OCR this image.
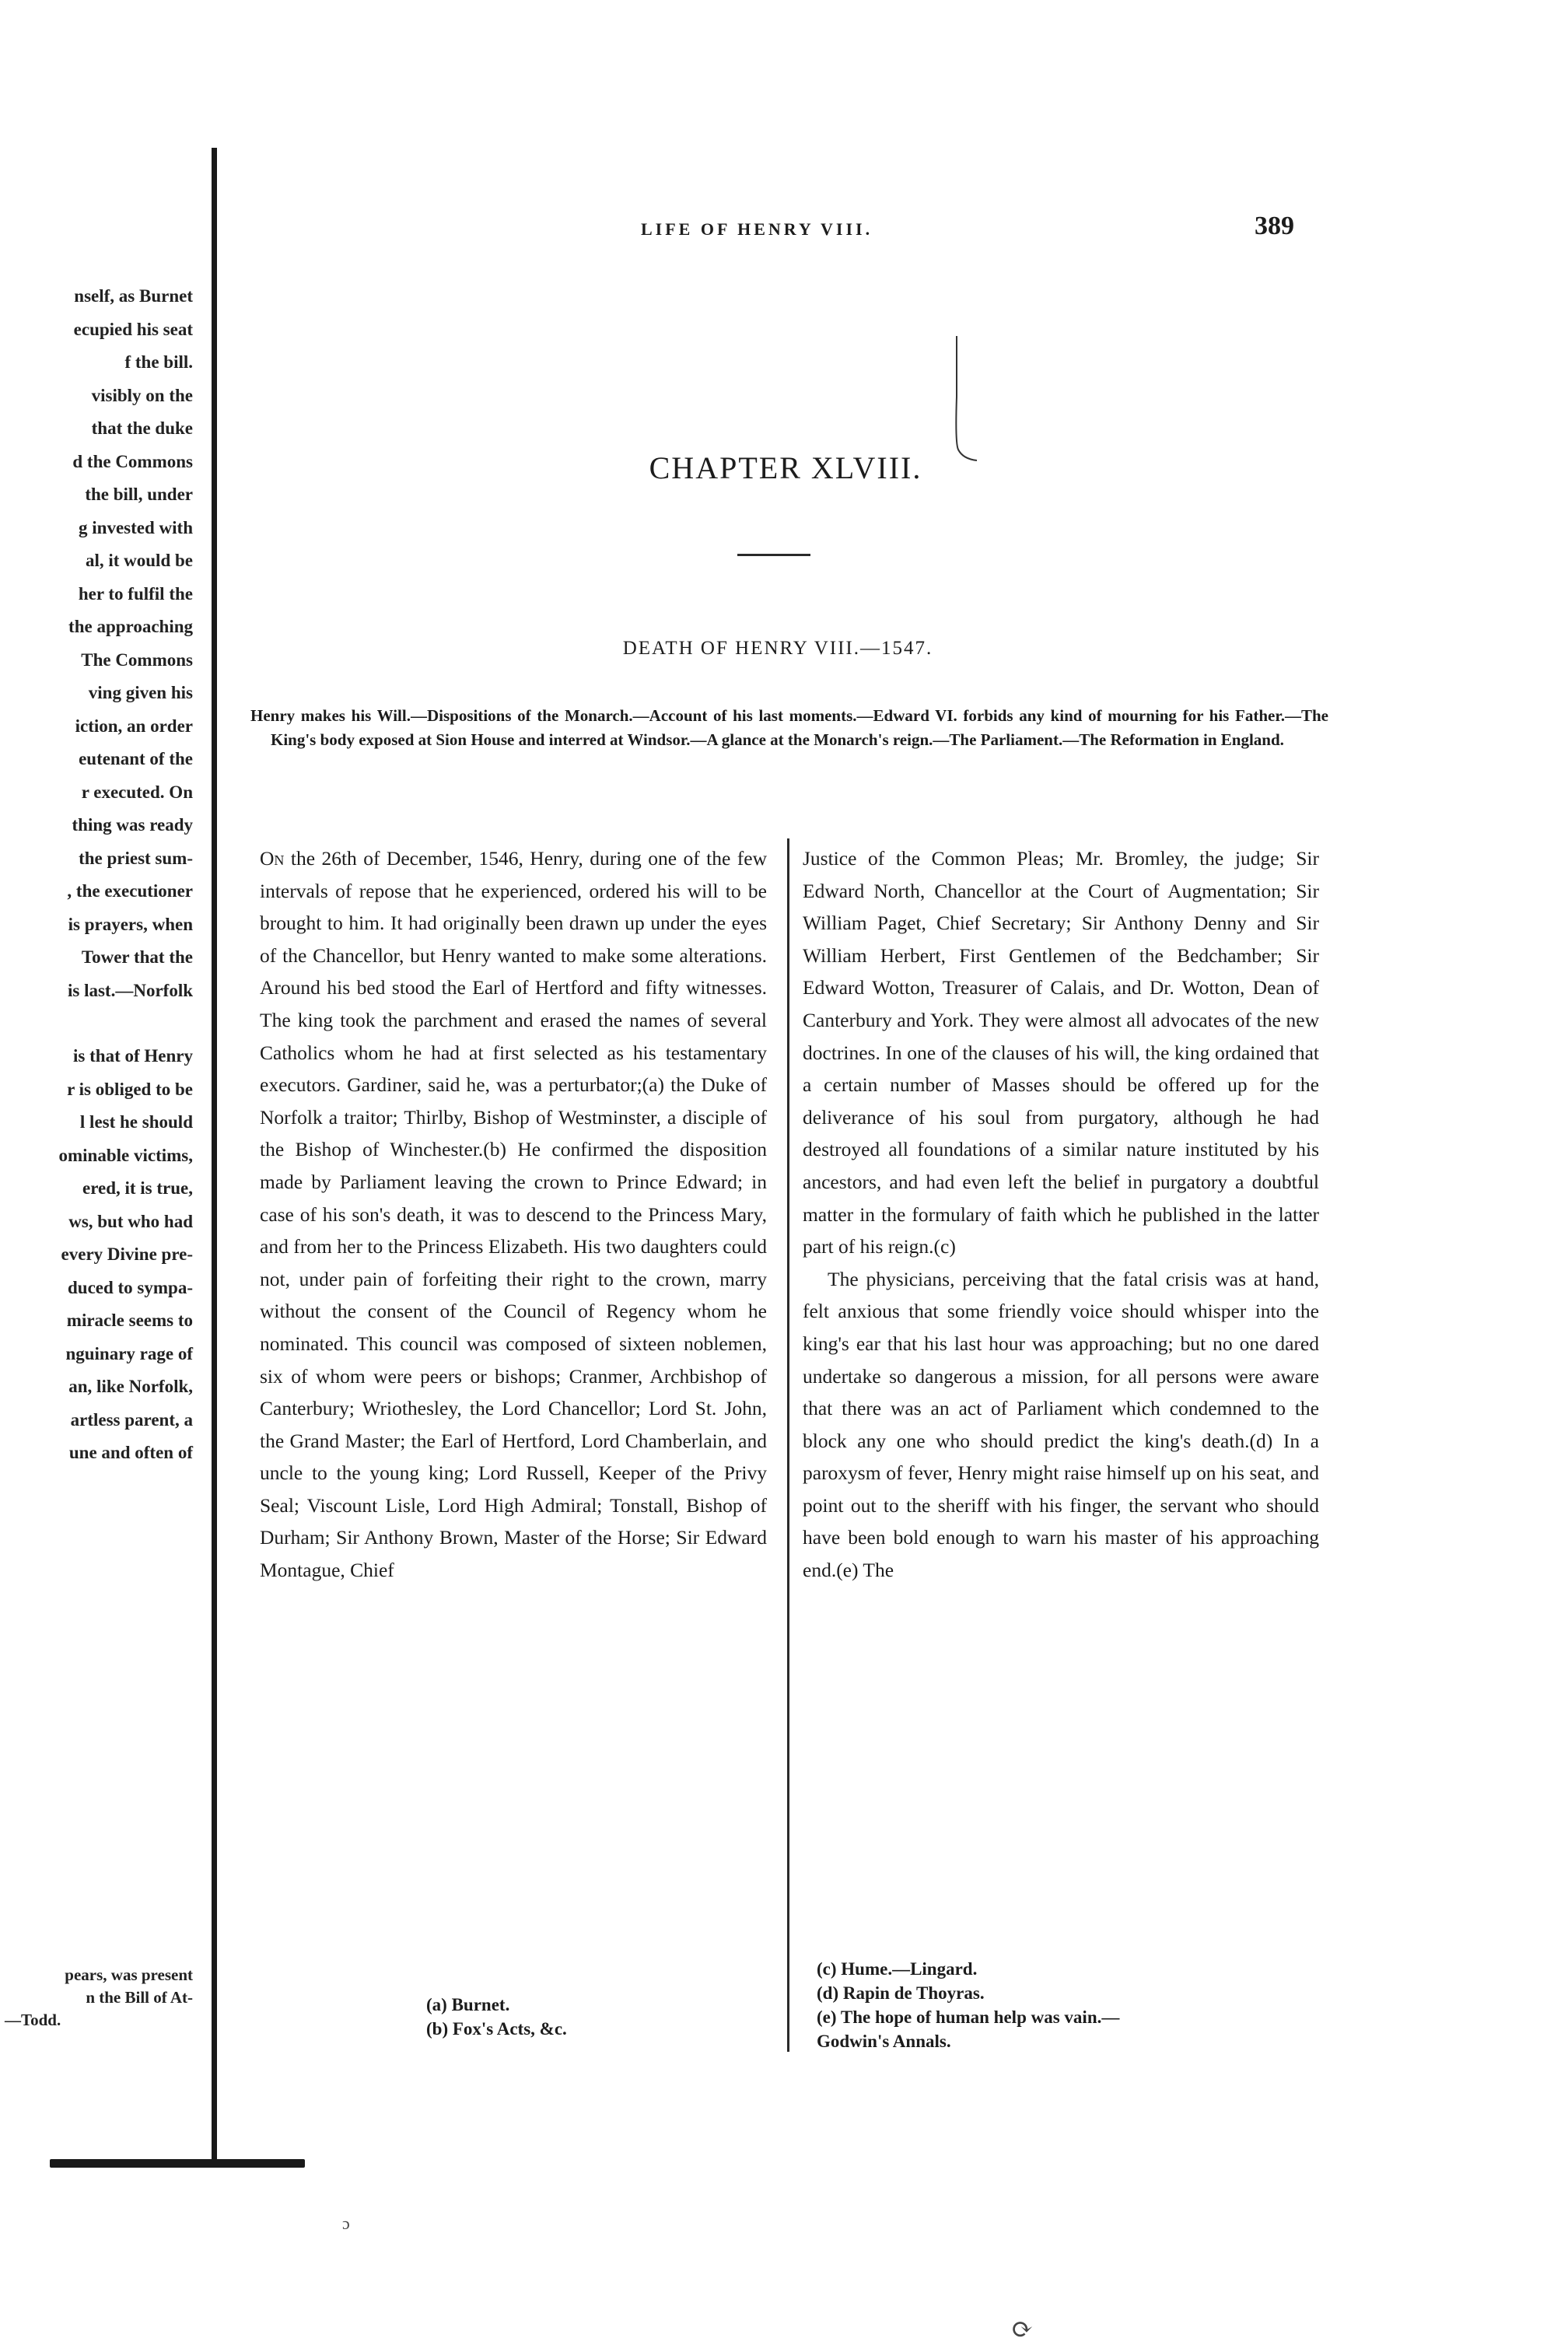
nself, as Burnet
ecupied his seat
f the bill.
visibly on the
that the duke
d the Commons
the bill, under
g invested with
al, it would be
her to fulfil the
the approaching
The Commons
ving given his
iction, an order
eutenant of the
r executed. On
thing was ready
the priest sum-
, the executioner
is prayers, when
Tower that the
is last.—Norfolk
is that of Henry
r is obliged to be
l lest he should
ominable victims,
ered, it is true,
ws, but who had
every Divine pre-
duced to sympa-
miracle seems to
nguinary rage of
an, like Norfolk,
artless parent, a
une and often of
pears, was present
n the Bill of At-
—Todd.
LIFE OF HENRY VIII.	389
CHAPTER XLVIII.
DEATH OF HENRY VIII.—1547.
Henry makes his Will.—Dispositions of the Monarch.—Account of his last moments.—Edward VI. forbids any kind of mourning for his Father.—The King's body exposed at Sion House and interred at Windsor.—A glance at the Monarch's reign.—The Parliament.—The Reformation in England.

On the 26th of December, 1546, Henry, during one of the few intervals of repose that he experienced, ordered his will to be brought to him. It had originally been drawn up under the eyes of the Chancellor, but Henry wanted to make some alterations. Around his bed stood the Earl of Hertford and fifty witnesses. The king took the parchment and erased the names of several Catholics whom he had at first selected as his testamentary executors. Gardiner, said he, was a perturbator;(a) the Duke of Norfolk a traitor; Thirlby, Bishop of Westminster, a disciple of the Bishop of Winchester.(b) He confirmed the disposition made by Parliament leaving the crown to Prince Edward; in case of his son's death, it was to descend to the Princess Mary, and from her to the Princess Elizabeth. His two daughters could not, under pain of forfeiting their right to the crown, marry without the consent of the Council of Regency whom he nominated. This council was composed of sixteen noblemen, six of whom were peers or bishops; Cranmer, Archbishop of Canterbury; Wriothesley, the Lord Chancellor; Lord St. John, the Grand Master; the Earl of Hertford, Lord Chamberlain, and uncle to the young king; Lord Russell, Keeper of the Privy Seal; Viscount Lisle, Lord High Admiral; Tonstall, Bishop of Durham; Sir Anthony Brown, Master of the Horse; Sir Edward Montague, Chief

Justice of the Common Pleas; Mr. Bromley, the judge; Sir Edward North, Chancellor at the Court of Augmentation; Sir William Paget, Chief Secretary; Sir Anthony Denny and Sir William Herbert, First Gentlemen of the Bedchamber; Sir Edward Wotton, Treasurer of Calais, and Dr. Wotton, Dean of Canterbury and York. They were almost all advocates of the new doctrines. In one of the clauses of his will, the king ordained that a certain number of Masses should be offered up for the deliverance of his soul from purgatory, although he had destroyed all foundations of a similar nature instituted by his ancestors, and had even left the belief in purgatory a doubtful matter in the formulary of faith which he published in the latter part of his reign.(c)

The physicians, perceiving that the fatal crisis was at hand, felt anxious that some friendly voice should whisper into the king's ear that his last hour was approaching; but no one dared undertake so dangerous a mission, for all persons were aware that there was an act of Parliament which condemned to the block any one who should predict the king's death.(d) In a paroxysm of fever, Henry might raise himself up on his seat, and point out to the sheriff with his finger, the servant who should have been bold enough to warn his master of his approaching end.(e) The

(a) Burnet.
(b) Fox's Acts, &c.
(c) Hume.—Lingard.
(d) Rapin de Thoyras.
(e) The hope of human help was vain.—
Godwin's Annals.
ɔ
⟳
